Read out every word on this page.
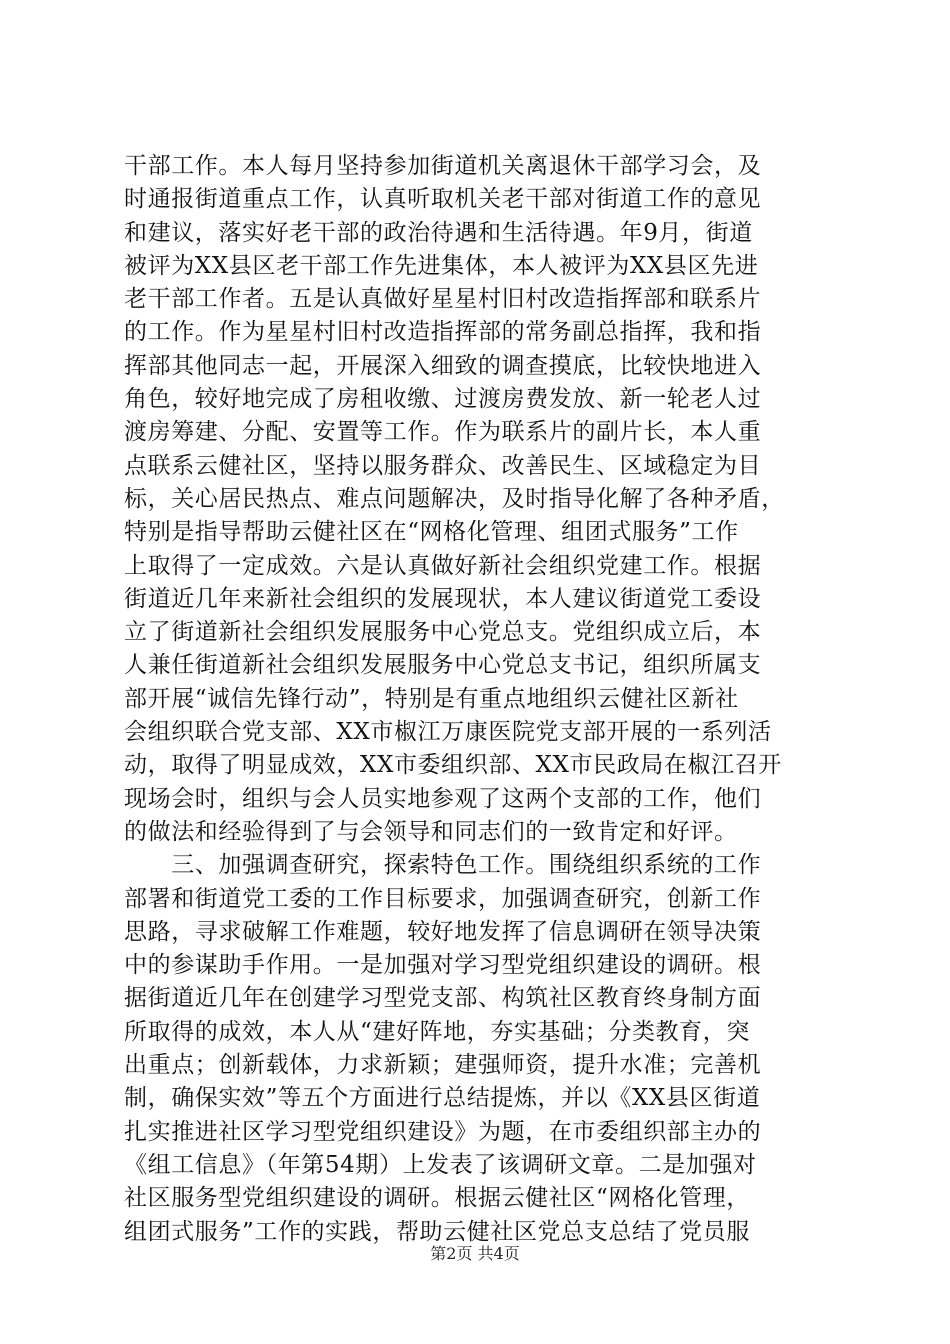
干部工作。本人每月坚持参加街道机关离退休干部学习会，及
时通报街道重点工作，认真听取机关老干部对街道工作的意见
和建议，落实好老干部的政治待遇和生活待遇。年9月，街道
被评为XX县区老干部工作先进集体，本人被评为XX县区先进
老干部工作者。五是认真做好星星村旧村改造指挥部和联系片
的工作。作为星星村旧村改造指挥部的常务副总指挥，我和指
挥部其他同志一起，开展深入细致的调查摸底，比较快地进入
角色，较好地完成了房租收缴、过渡房费发放、新一轮老人过
渡房筹建、分配、安置等工作。作为联系片的副片长，本人重
点联系云健社区，坚持以服务群众、改善民生、区域稳定为目
标，关心居民热点、难点问题解决，及时指导化解了各种矛盾，
特别是指导帮助云健社区在“网格化管理、组团式服务”工作
上取得了一定成效。六是认真做好新社会组织党建工作。根据
街道近几年来新社会组织的发展现状，本人建议街道党工委设
立了街道新社会组织发展服务中心党总支。党组织成立后，本
人兼任街道新社会组织发展服务中心党总支书记，组织所属支
部开展“诚信先锋行动”，特别是有重点地组织云健社区新社
会组织联合党支部、XX市椒江万康医院党支部开展的一系列活
动，取得了明显成效，XX市委组织部、XX市民政局在椒江召开
现场会时，组织与会人员实地参观了这两个支部的工作，他们
的做法和经验得到了与会领导和同志们的一致肯定和好评。
　　三、加强调查研究，探索特色工作。围绕组织系统的工作
部署和街道党工委的工作目标要求，加强调查研究，创新工作
思路，寻求破解工作难题，较好地发挥了信息调研在领导决策
中的参谋助手作用。一是加强对学习型党组织建设的调研。根
据街道近几年在创建学习型党支部、构筑社区教育终身制方面
所取得的成效，本人从“建好阵地，夯实基础；分类教育，突
出重点；创新载体，力求新颖；建强师资，提升水准；完善机
制，确保实效”等五个方面进行总结提炼，并以《XX县区街道
扎实推进社区学习型党组织建设》为题，在市委组织部主办的
《组工信息》（年第54期）上发表了该调研文章。二是加强对
社区服务型党组织建设的调研。根据云健社区“网格化管理，
组团式服务”工作的实践，帮助云健社区党总支总结了党员服
第2页 共4页
